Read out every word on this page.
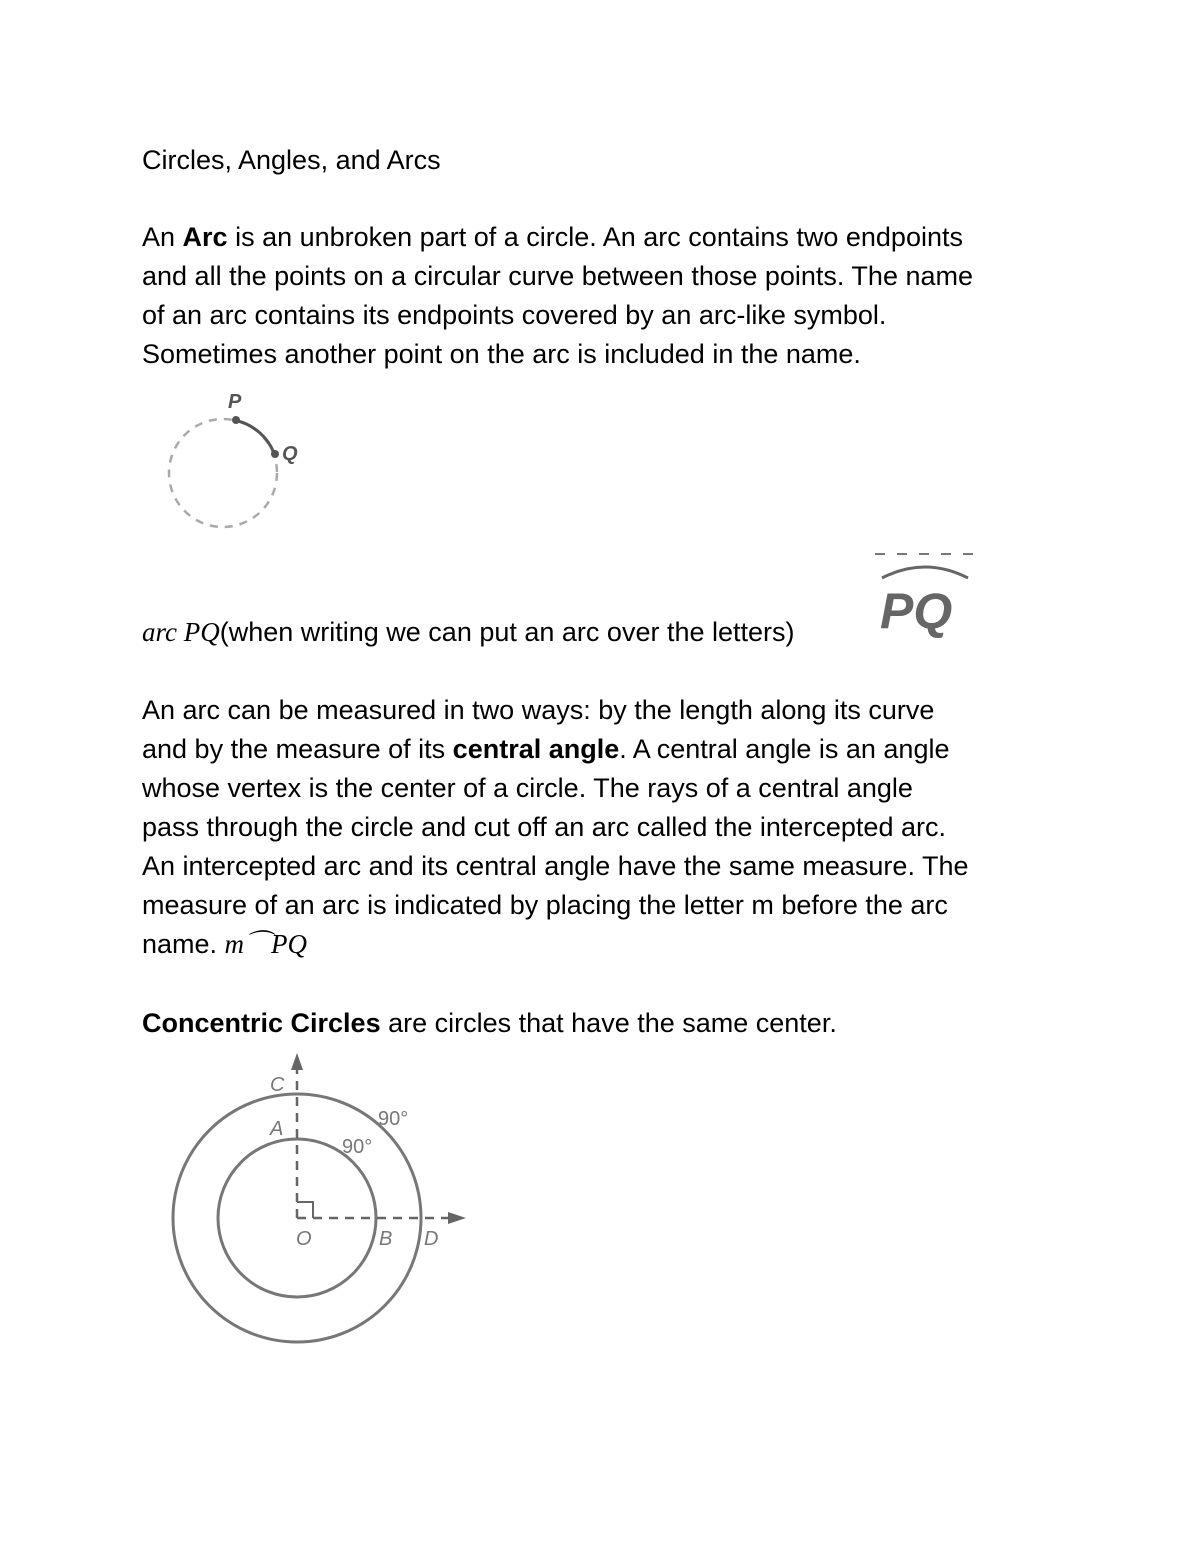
Circles, Angles, and Arcs
An Arc is an unbroken part of a circle. An arc contains two endpoints
and all the points on a circular curve between those points. The name
of an arc contains its endpoints covered by an arc-like symbol.
Sometimes another point on the arc is included in the name.
P
Q
arc PQ(when writing we can put an arc over the letters) PQ
An arc can be measured in two ways: by the length along its curve
and by the measure of its central angle. A central angle is an angle
whose vertex is the center of a circle. The rays of a central angle
pass through the circle and cut off an arc called the intercepted arc.
An intercepted arc and its central angle have the same measure. The
measure of an arc is indicated by placing the letter m before the arc
name. m⌒PQ
Concentric Circles are circles that have the same center.
C
A
O	B D
90°
90°
